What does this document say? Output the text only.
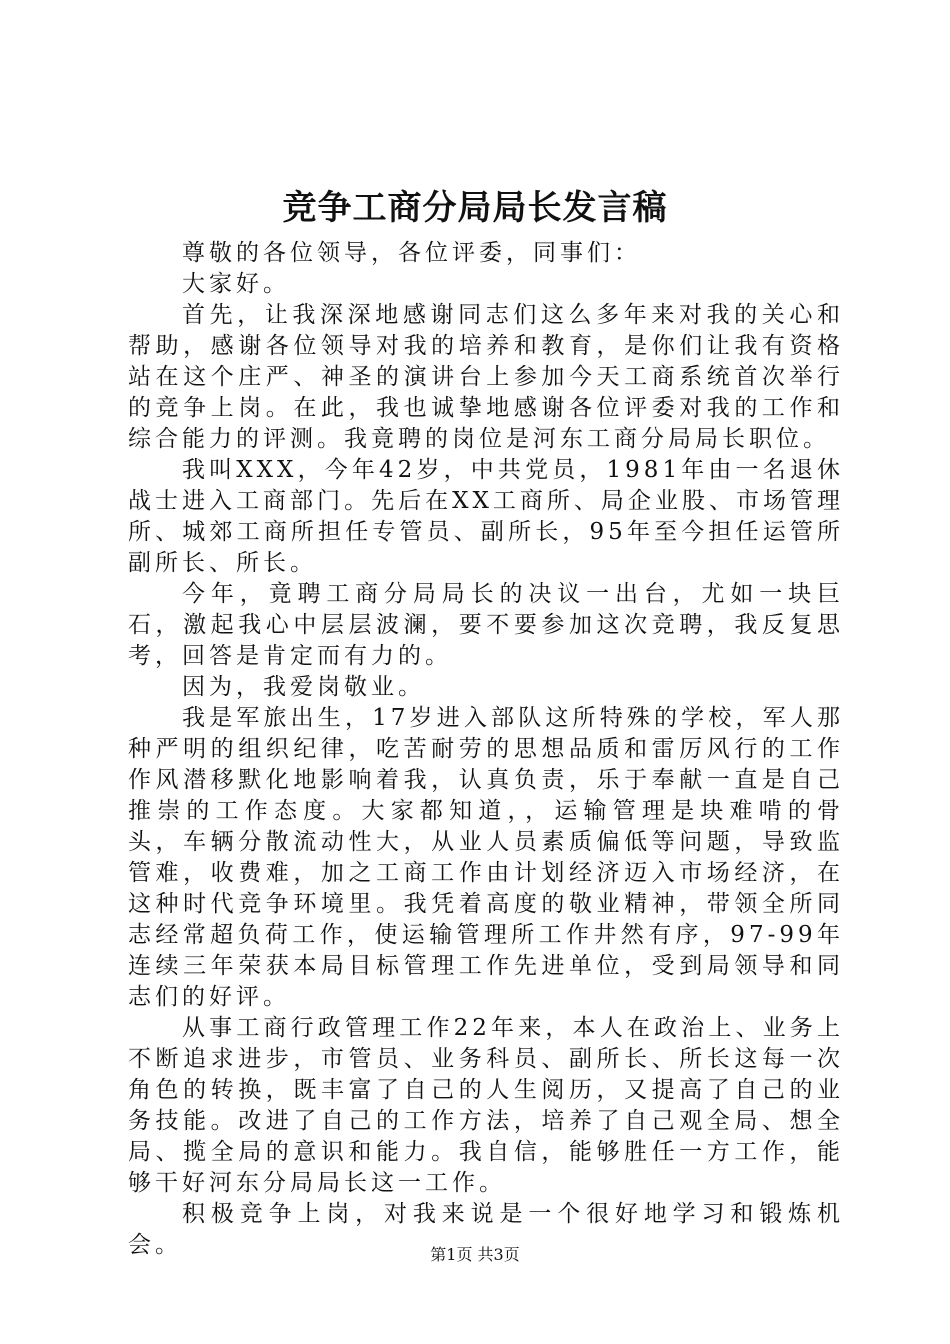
竞争工商分局局长发言稿

尊敬的各位领导，各位评委，同事们：

大家好。

首先，让我深深地感谢同志们这么多年来对我的关心和帮助，感谢各位领导对我的培养和教育，是你们让我有资格站在这个庄严、神圣的演讲台上参加今天工商系统首次举行的竞争上岗。在此，我也诚挚地感谢各位评委对我的工作和综合能力的评测。我竟聘的岗位是河东工商分局局长职位。

我叫XXX，今年42岁，中共党员，1981年由一名退休战士进入工商部门。先后在XX工商所、局企业股、市场管理所、城郊工商所担任专管员、副所长，95年至今担任运管所副所长、所长。

今年，竟聘工商分局局长的决议一出台，尤如一块巨石，激起我心中层层波澜，要不要参加这次竞聘，我反复思考，回答是肯定而有力的。

因为，我爱岗敬业。

我是军旅出生，17岁进入部队这所特殊的学校，军人那种严明的组织纪律，吃苦耐劳的思想品质和雷厉风行的工作作风潜移默化地影响着我，认真负责，乐于奉献一直是自己推崇的工作态度。大家都知道，，运输管理是块难啃的骨头，车辆分散流动性大，从业人员素质偏低等问题，导致监管难，收费难，加之工商工作由计划经济迈入市场经济，在这种时代竞争环境里。我凭着高度的敬业精神，带领全所同志经常超负荷工作，使运输管理所工作井然有序，97-99年连续三年荣获本局目标管理工作先进单位，受到局领导和同志们的好评。

从事工商行政管理工作22年来，本人在政治上、业务上不断追求进步，市管员、业务科员、副所长、所长这每一次角色的转换，既丰富了自己的人生阅历，又提高了自己的业务技能。改进了自己的工作方法，培养了自己观全局、想全局、揽全局的意识和能力。我自信，能够胜任一方工作，能够干好河东分局局长这一工作。

积极竞争上岗，对我来说是一个很好地学习和锻炼机会。	第1页 共3页
